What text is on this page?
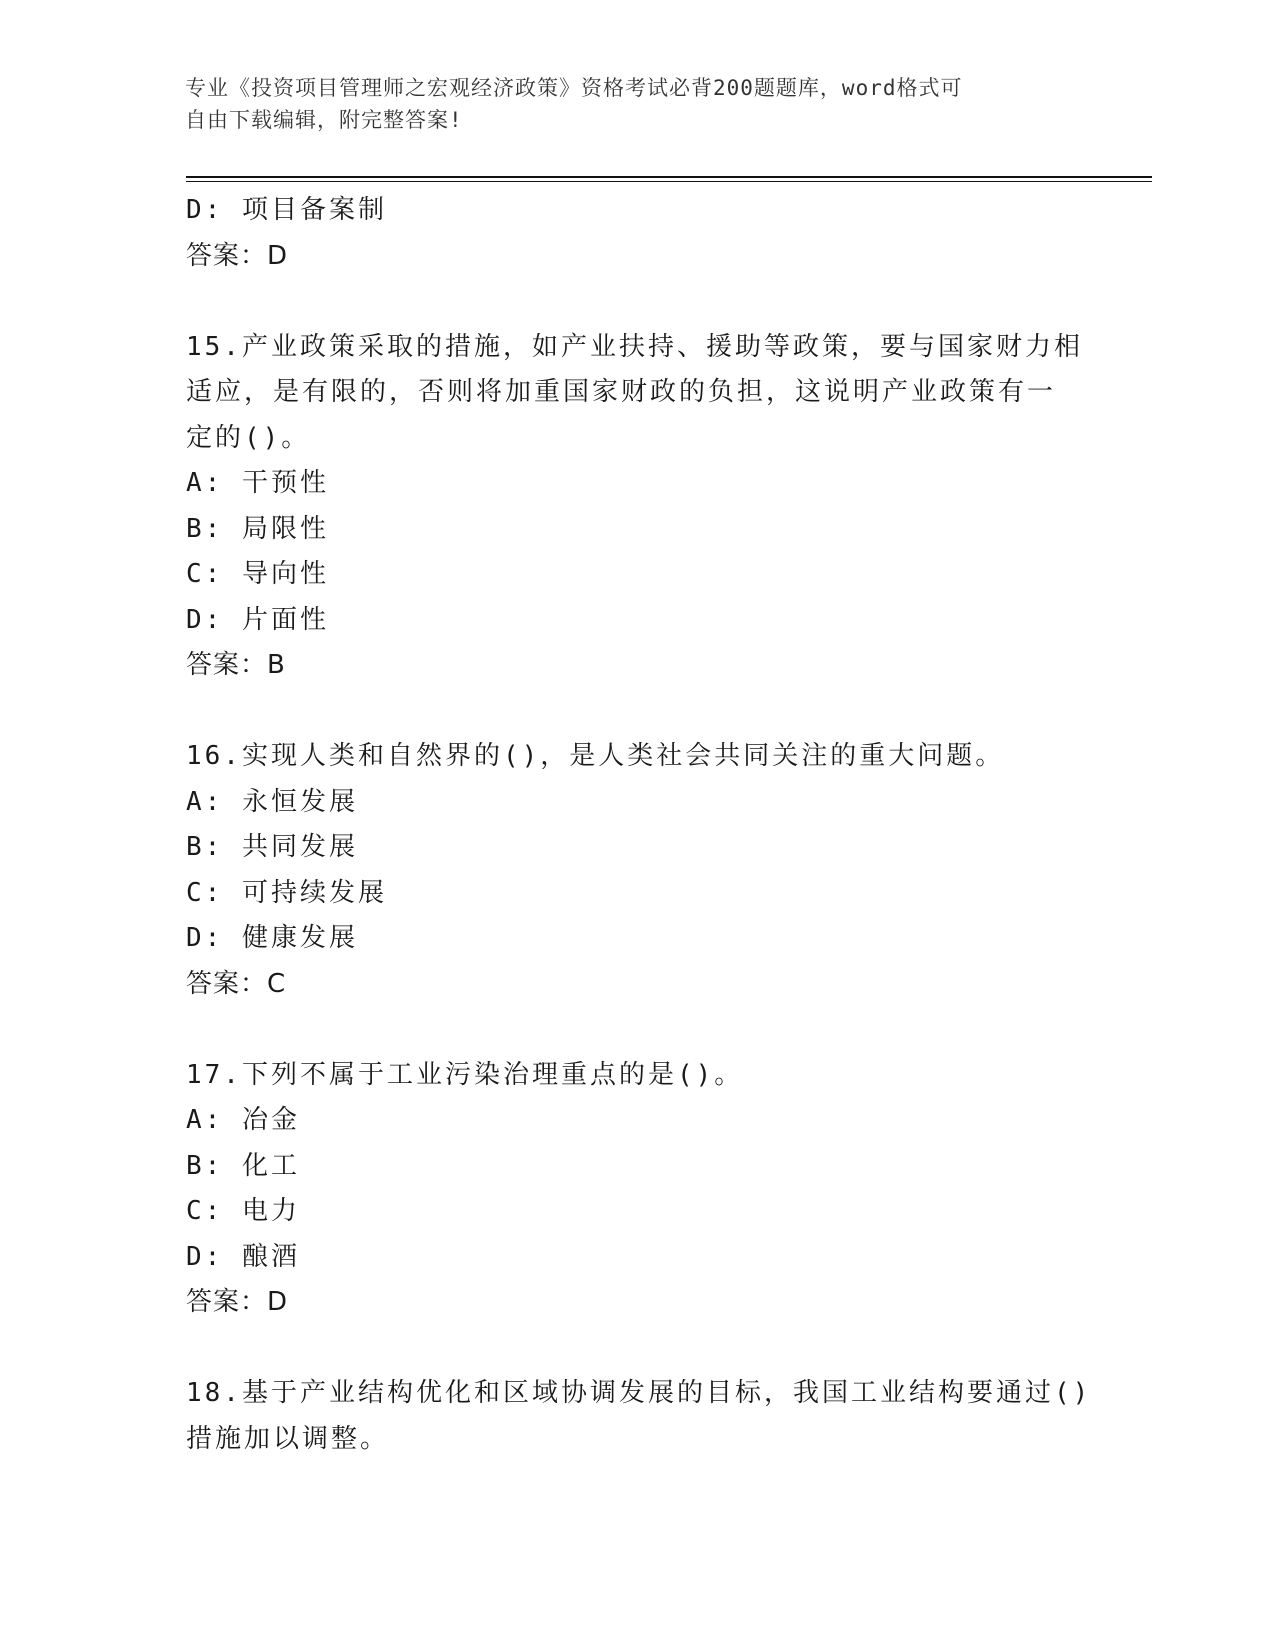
专业《投资项目管理师之宏观经济政策》资格考试必背200题题库，word格式可
自由下载编辑，附完整答案!
D: 项目备案制
答案：D
15.产业政策采取的措施，如产业扶持、援助等政策，要与国家财力相
适应，是有限的，否则将加重国家财政的负担，这说明产业政策有一
定的()。
A: 干预性
B: 局限性
C: 导向性
D: 片面性
答案：B
16.实现人类和自然界的()，是人类社会共同关注的重大问题。
A: 永恒发展
B: 共同发展
C: 可持续发展
D: 健康发展
答案：C
17.下列不属于工业污染治理重点的是()。
A: 冶金
B: 化工
C: 电力
D: 酿酒
答案：D
18.基于产业结构优化和区域协调发展的目标，我国工业结构要通过()
措施加以调整。
